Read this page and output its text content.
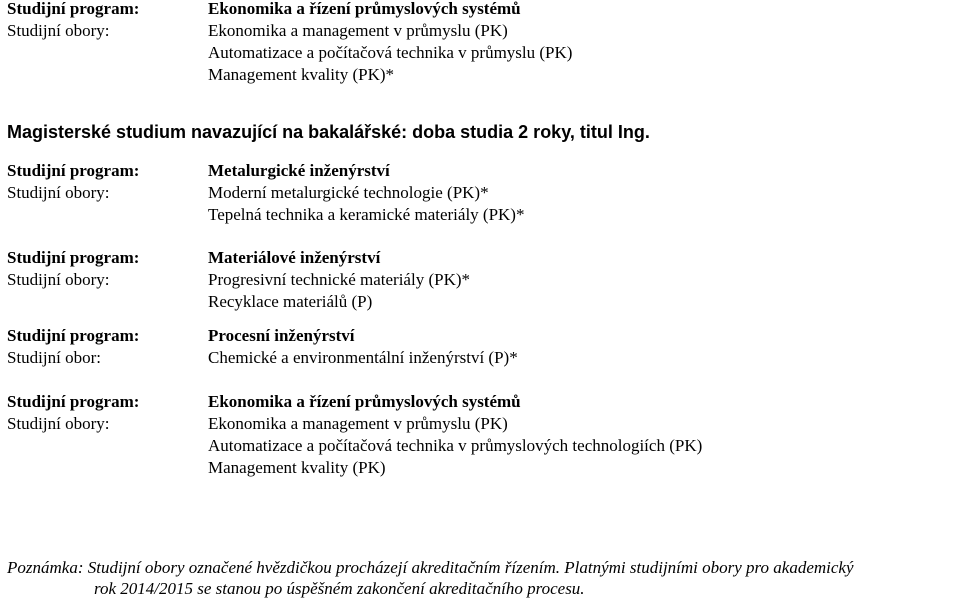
Studijní program:	Ekonomika a řízení průmyslových systémů
Studijní obory:	Ekonomika a management v průmyslu (PK)
Automatizace a počítačová technika v průmyslu (PK)
Management kvality (PK)*
Magisterské studium navazující na bakalářské: doba studia 2 roky, titul Ing.
Studijní program:	Metalurgické inženýrství
Studijní obory:	Moderní metalurgické technologie (PK)*
Tepelná technika a keramické materiály (PK)*
Studijní program:	Materiálové inženýrství
Studijní obory:	Progresivní technické materiály (PK)*
Recyklace materiálů (P)
Studijní program:	Procesní inženýrství
Studijní obor:	Chemické a environmentální inženýrství (P)*
Studijní program:	Ekonomika a řízení průmyslových systémů
Studijní obory:	Ekonomika a management v průmyslu (PK)
Automatizace a počítačová technika v průmyslových technologiích (PK)
Management kvality (PK)
Poznámka: Studijní obory označené hvězdičkou procházejí akreditačním řízením. Platnými studijními obory pro akademický
rok 2014/2015 se stanou po úspěšném zakončení akreditačního procesu.
